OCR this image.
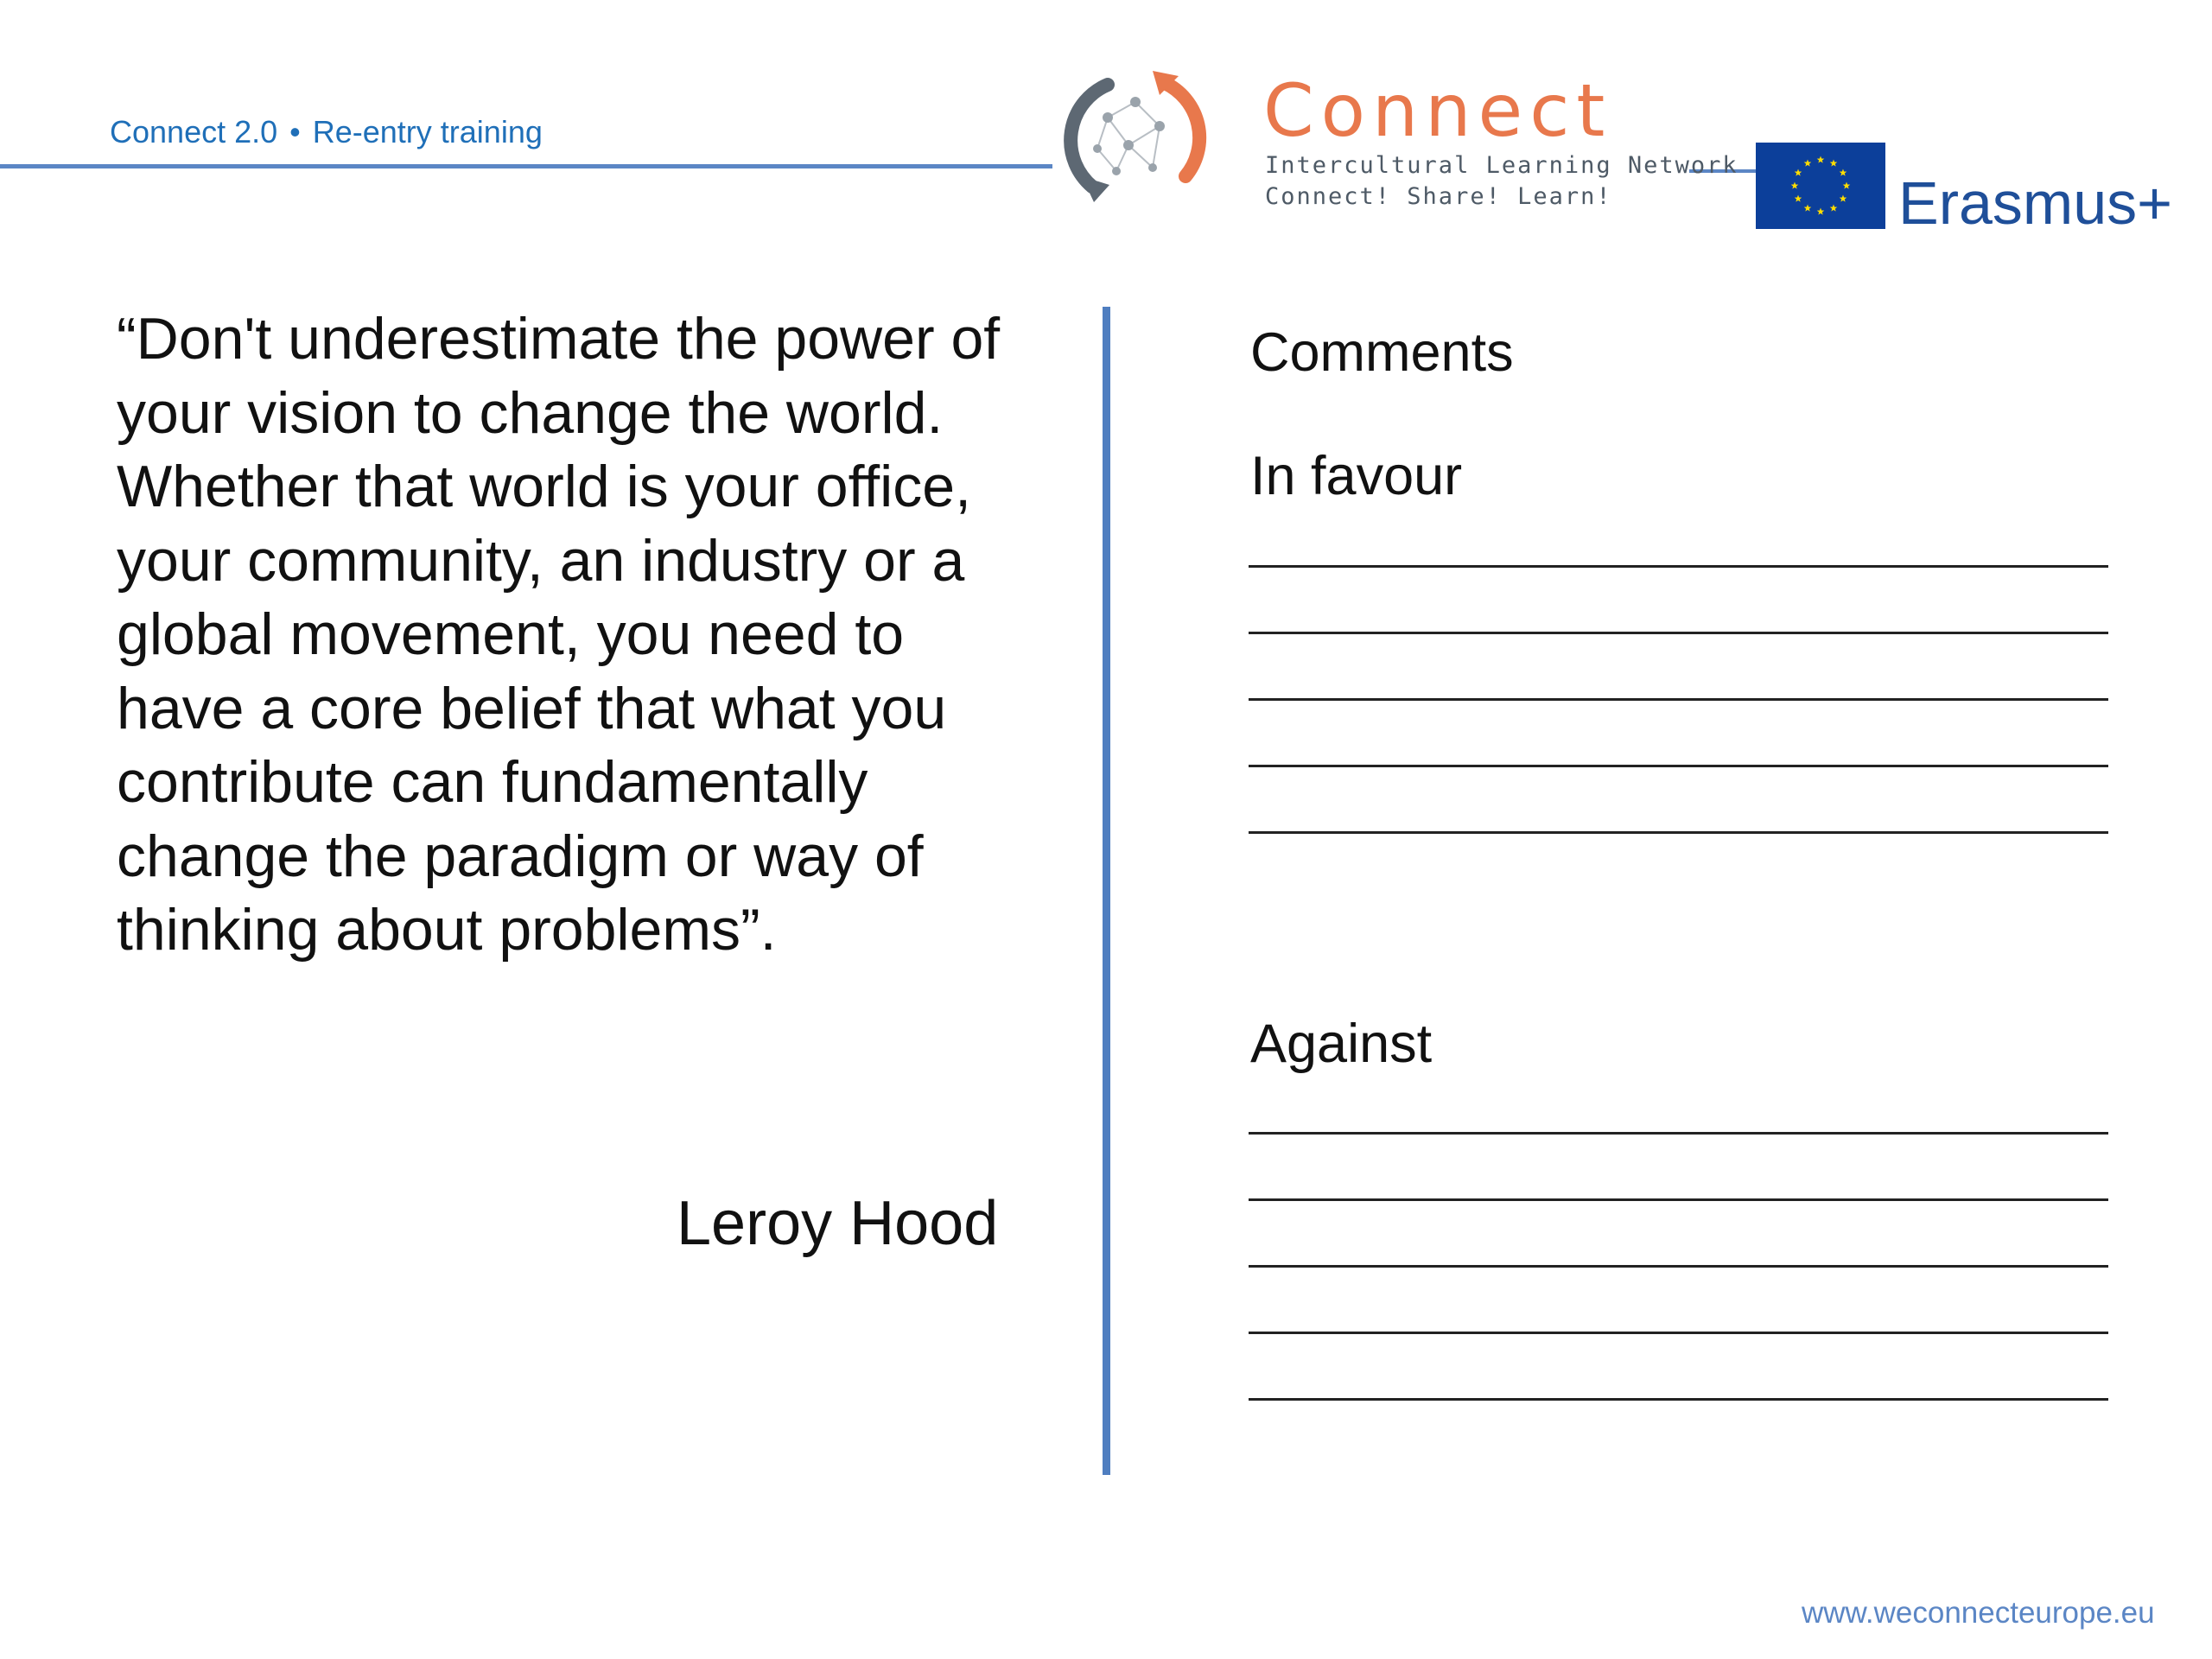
Connect 2.0 • Re-entry training	Connect
Intercultural Learning Network
Connect! Share! Learn!	Erasmus+
“Don't underestimate the power of your vision to change the world. Whether that world is your office, your community, an industry or a global movement, you need to have a core belief that what you contribute can fundamentally change the paradigm or way of thinking about problems”.
Leroy Hood
Comments
In favour
Against
www.weconnecteurope.eu
